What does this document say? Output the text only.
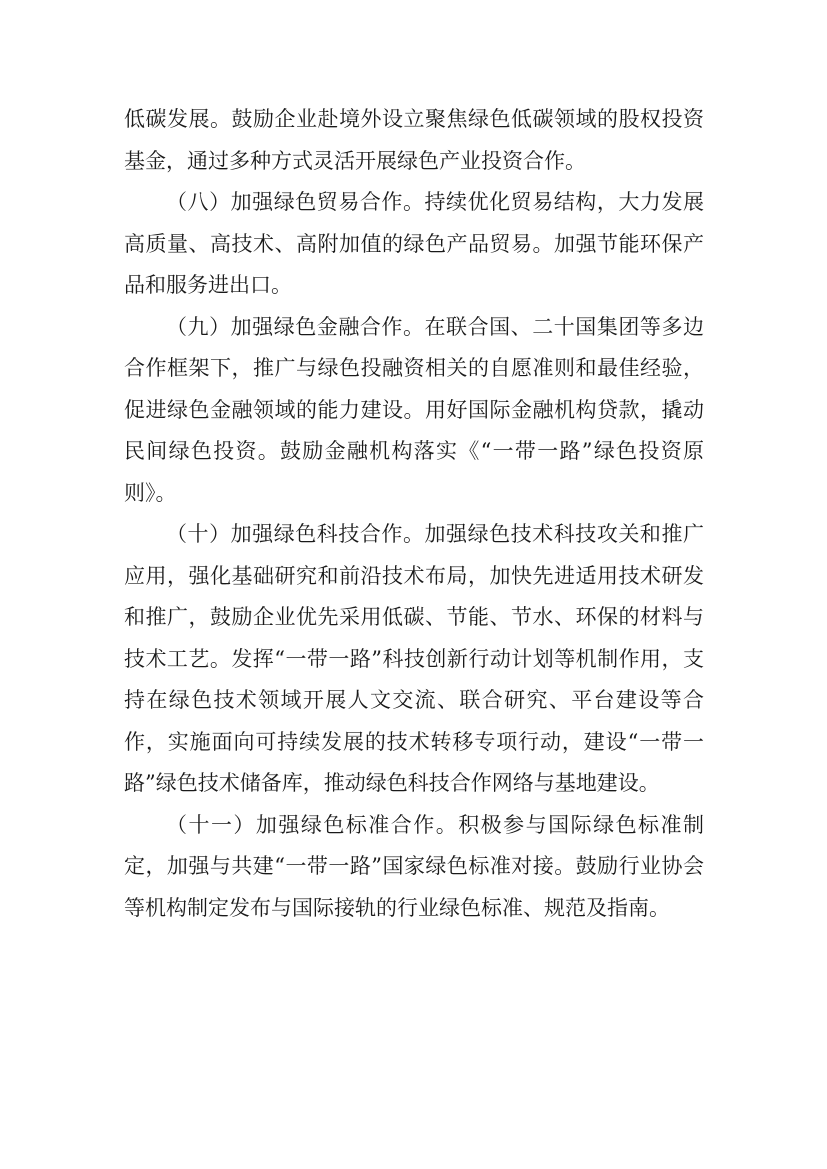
低碳发展。鼓励企业赴境外设立聚焦绿色低碳领域的股权投资基金，通过多种方式灵活开展绿色产业投资合作。

（八）加强绿色贸易合作。持续优化贸易结构，大力发展高质量、高技术、高附加值的绿色产品贸易。加强节能环保产品和服务进出口。

（九）加强绿色金融合作。在联合国、二十国集团等多边合作框架下，推广与绿色投融资相关的自愿准则和最佳经验，促进绿色金融领域的能力建设。用好国际金融机构贷款，撬动民间绿色投资。鼓励金融机构落实《“一带一路”绿色投资原则》。

（十）加强绿色科技合作。加强绿色技术科技攻关和推广应用，强化基础研究和前沿技术布局，加快先进适用技术研发和推广，鼓励企业优先采用低碳、节能、节水、环保的材料与技术工艺。发挥“一带一路”科技创新行动计划等机制作用，支持在绿色技术领域开展人文交流、联合研究、平台建设等合作，实施面向可持续发展的技术转移专项行动，建设“一带一路”绿色技术储备库，推动绿色科技合作网络与基地建设。

（十一）加强绿色标准合作。积极参与国际绿色标准制定，加强与共建“一带一路”国家绿色标准对接。鼓励行业协会等机构制定发布与国际接轨的行业绿色标准、规范及指南。
